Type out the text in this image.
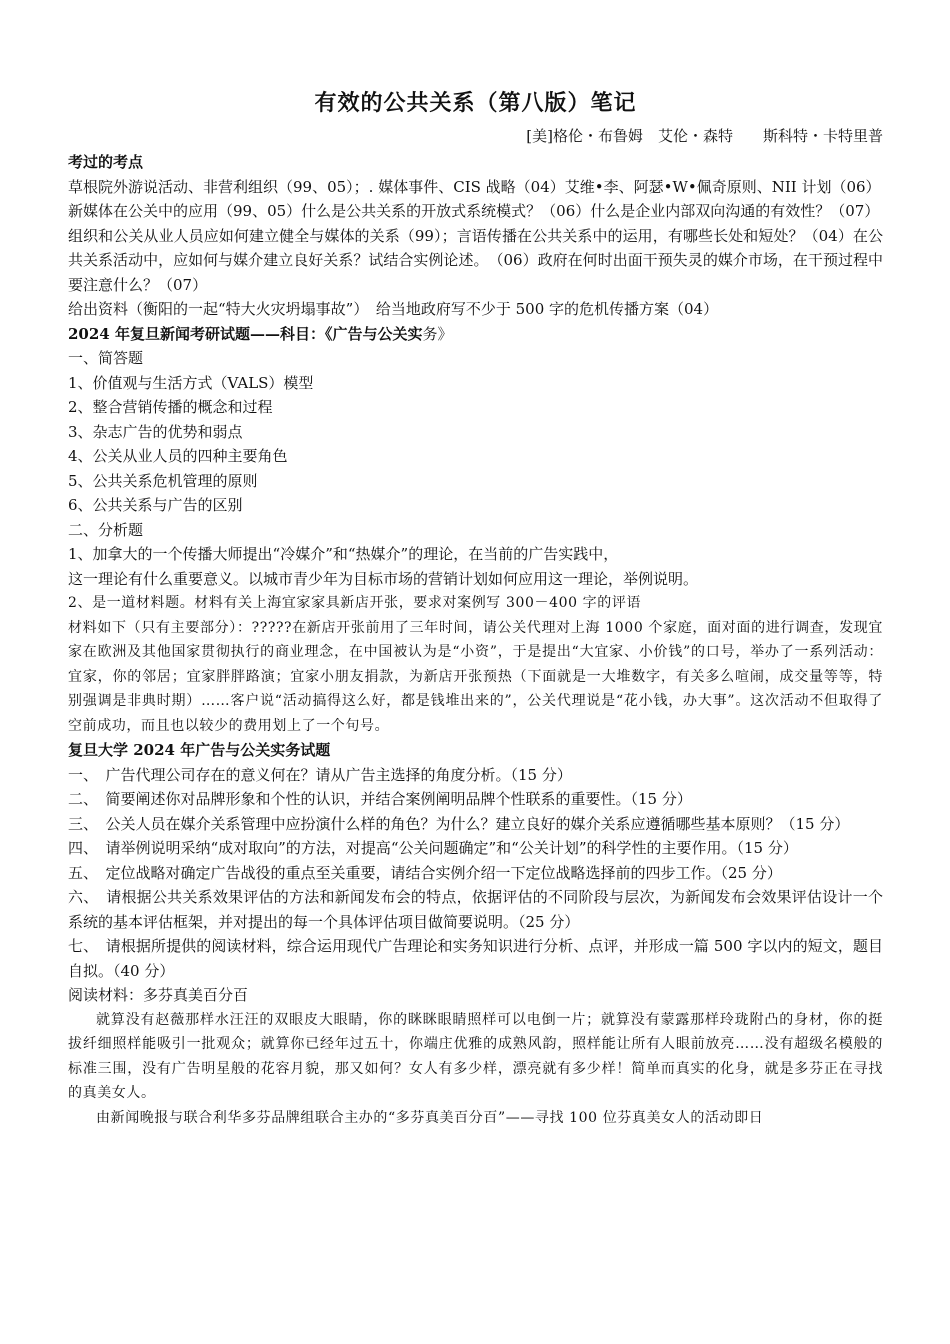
有效的公共关系（第八版）笔记

[美]格伦・布鲁姆　艾伦・森特　　斯科特・卡特里普

考过的考点

草根院外游说活动、非营利组织（99、05）；. 媒体事件、CIS 战略（04）艾维•李、阿瑟•W•佩奇原则、NII 计划（06）

新媒体在公关中的应用（99、05）什么是公共关系的开放式系统模式？（06）什么是企业内部双向沟通的有效性？（07）

组织和公关从业人员应如何建立健全与媒体的关系（99）；言语传播在公共关系中的运用，有哪些长处和短处？（04）在公共关系活动中，应如何与媒介建立良好关系？试结合实例论述。　（06）政府在何时出面干预失灵的媒介市场，在干预过程中要注意什么？（07）

给出资料（衡阳的一起“特大火灾坍塌事故”）　给当地政府写不少于 500 字的危机传播方案（04）

2024 年复旦新闻考研试题——科目：《广告与公关实务》

一、简答题

1、价值观与生活方式（VALS）模型

2、整合营销传播的概念和过程

3、杂志广告的优势和弱点

4、公关从业人员的四种主要角色

5、公共关系危机管理的原则

6、公共关系与广告的区别

二、分析题

1、加拿大的一个传播大师提出“冷媒介”和“热媒介”的理论，在当前的广告实践中，

这一理论有什么重要意义。以城市青少年为目标市场的营销计划如何应用这一理论，举例说明。

2、是一道材料题。材料有关上海宜家家具新店开张，要求对案例写 300－400 字的评语

材料如下（只有主要部分）：?????在新店开张前用了三年时间，请公关代理对上海 1000 个家庭，面对面的进行调查，发现宜家在欧洲及其他国家贯彻执行的商业理念，在中国被认为是“小资”，于是提出“大宜家、小价钱”的口号，举办了一系列活动：宜家，你的邻居；宜家胖胖路演；宜家小朋友捐款，为新店开张预热（下面就是一大堆数字，有关多么喧闹，成交量等等，特别强调是非典时期）……客户说“活动搞得这么好，都是钱堆出来的”，公关代理说是“花小钱，办大事”。这次活动不但取得了空前成功，而且也以较少的费用划上了一个句号。

复旦大学 2024 年广告与公关实务试题

一、　广告代理公司存在的意义何在？请从广告主选择的角度分析。（15 分）

二、　简要阐述你对品牌形象和个性的认识，并结合案例阐明品牌个性联系的重要性。（15 分）

三、　公关人员在媒介关系管理中应扮演什么样的角色？为什么？建立良好的媒介关系应遵循哪些基本原则？（15 分）

四、　请举例说明采纳“成对取向”的方法，对提高“公关问题确定”和“公关计划”的科学性的主要作用。（15 分）

五、　定位战略对确定广告战役的重点至关重要，请结合实例介绍一下定位战略选择前的四步工作。（25 分）

六、　请根据公共关系效果评估的方法和新闻发布会的特点，依据评估的不同阶段与层次，为新闻发布会效果评估设计一个系统的基本评估框架，并对提出的每一个具体评估项目做简要说明。（25 分）

七、　请根据所提供的阅读材料，综合运用现代广告理论和实务知识进行分析、点评，并形成一篇 500 字以内的短文，题目自拟。（40 分）

阅读材料：多芬真美百分百

就算没有赵薇那样水汪汪的双眼皮大眼睛，你的眯眯眼睛照样可以电倒一片；就算没有蒙露那样玲珑附凸的身材，你的挺拔纤细照样能吸引一批观众；就算你已经年过五十，你端庄优雅的成熟风韵，照样能让所有人眼前放亮……没有超级名模般的标准三围，没有广告明星般的花容月貌，那又如何？女人有多少样，漂亮就有多少样！简单而真实的化身，就是多芬正在寻找的真美女人。

由新闻晚报与联合利华多芬品牌组联合主办的“多芬真美百分百”——寻找 100 位芬真美女人的活动即日
